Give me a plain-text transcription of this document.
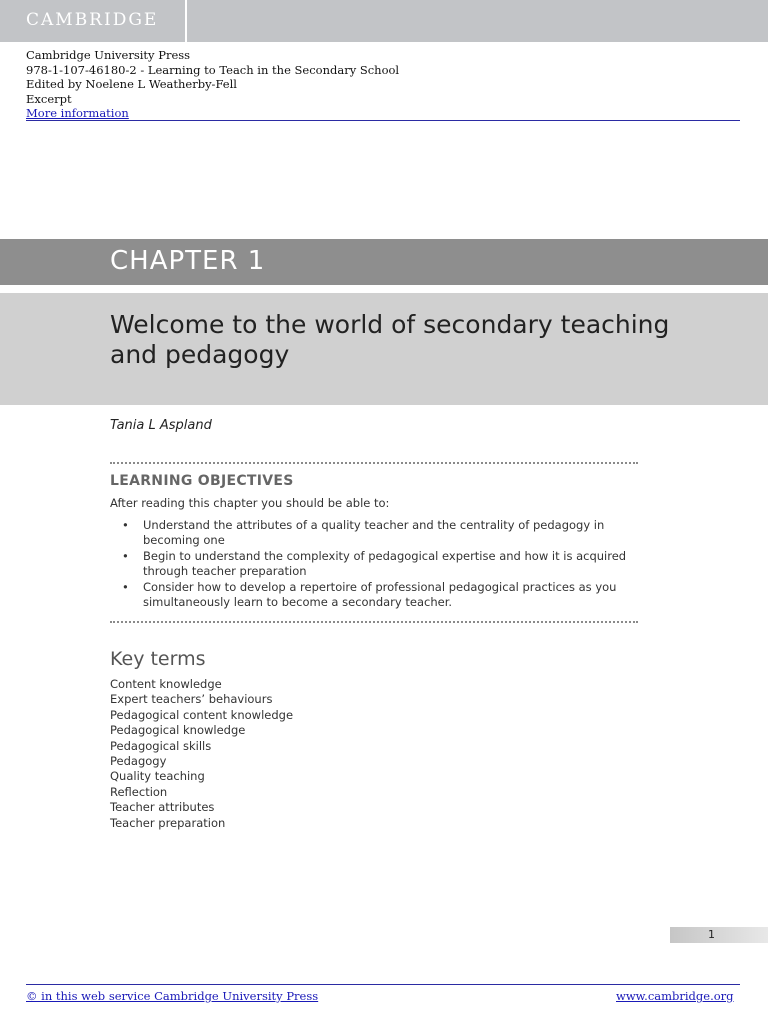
CAMBRIDGE
Cambridge University Press
978-1-107-46180-2 - Learning to Teach in the Secondary School
Edited by Noelene L Weatherby-Fell
Excerpt
More information
CHAPTER 1
Welcome to the world of secondary teaching and pedagogy
Tania L Aspland
LEARNING OBJECTIVES
After reading this chapter you should be able to:
• Understand the attributes of a quality teacher and the centrality of pedagogy in becoming one
• Begin to understand the complexity of pedagogical expertise and how it is acquired through teacher preparation
• Consider how to develop a repertoire of professional pedagogical practices as you simultaneously learn to become a secondary teacher.
Key terms
Content knowledge
Expert teachers’ behaviours
Pedagogical content knowledge
Pedagogical knowledge
Pedagogical skills
Pedagogy
Quality teaching
Reflection
Teacher attributes
Teacher preparation
1
© in this web service Cambridge University Press	www.cambridge.org
